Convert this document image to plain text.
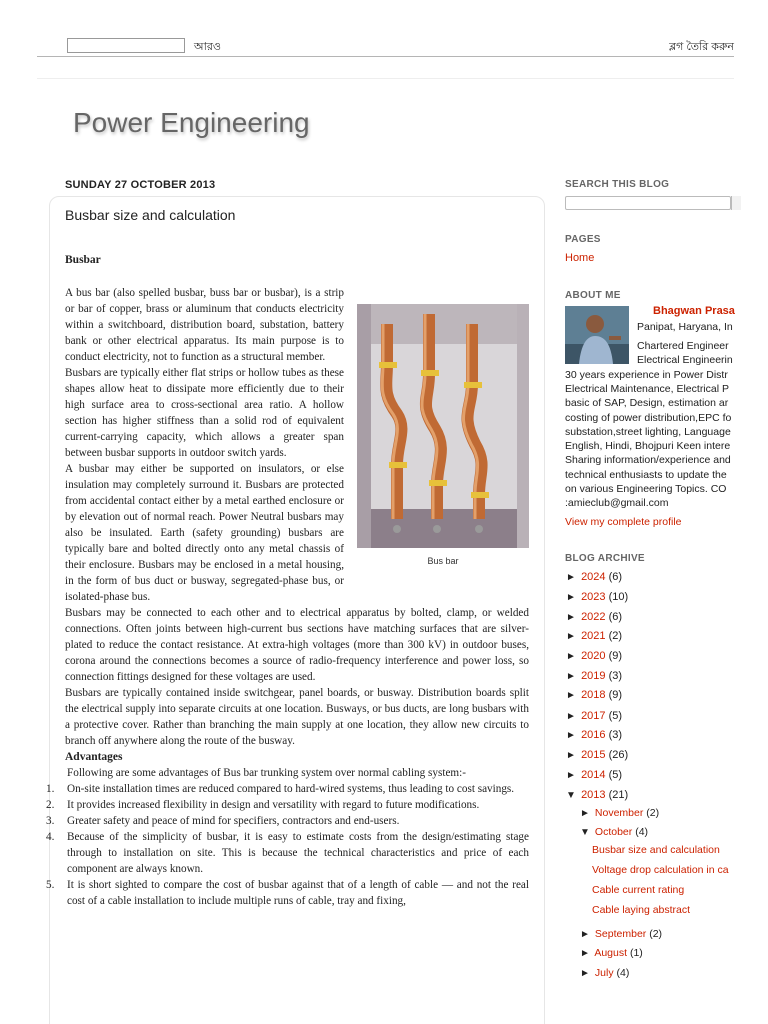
আরও	ব্লগ তৈরি করুন
Power Engineering
SUNDAY 27 OCTOBER 2013
Busbar size and calculation
Busbar
Bus bar

A bus bar (also spelled busbar, buss bar or busbar), is a strip or bar of copper, brass or aluminum that conducts electricity within a switchboard, distribution board, substation, battery bank or other electrical apparatus. Its main purpose is to conduct electricity, not to function as a structural member.

Busbars are typically either flat strips or hollow tubes as these shapes allow heat to dissipate more efficiently due to their high surface area to cross-sectional area ratio. A hollow section has higher stiffness than a solid rod of equivalent current-carrying capacity, which allows a greater span between busbar supports in outdoor switch yards.

A busbar may either be supported on insulators, or else insulation may completely surround it. Busbars are protected from accidental contact either by a metal earthed enclosure or by elevation out of normal reach. Power Neutral busbars may also be insulated. Earth (safety grounding) busbars are typically bare and bolted directly onto any metal chassis of their enclosure. Busbars may be enclosed in a metal housing, in the form of bus duct or busway, segregated-phase bus, or isolated-phase bus.

Busbars may be connected to each other and to electrical apparatus by bolted, clamp, or welded connections. Often joints between high-current bus sections have matching surfaces that are silver-plated to reduce the contact resistance. At extra-high voltages (more than 300 kV) in outdoor buses, corona around the connections becomes a source of radio-frequency interference and power loss, so connection fittings designed for these voltages are used.

Busbars are typically contained inside switchgear, panel boards, or busway. Distribution boards split the electrical supply into separate circuits at one location. Busways, or bus ducts, are long busbars with a protective cover. Rather than branching the main supply at one location, they allow new circuits to branch off anywhere along the route of the busway.

Advantages

Following are some advantages of Bus bar trunking system over normal cabling system:-

1. On-site installation times are reduced compared to hard-wired systems, thus leading to cost savings.
2. It provides increased flexibility in design and versatility with regard to future modifications.
3. Greater safety and peace of mind for specifiers, contractors and end-users.
4. Because of the simplicity of busbar, it is easy to estimate costs from the design/estimating stage through to installation on site. This is because the technical characteristics and price of each component are always known.
5. It is short sighted to compare the cost of busbar against that of a length of cable — and not the real cost of a cable installation to include multiple runs of cable, tray and fixing,
SEARCH THIS BLOG
PAGES
Home
ABOUT ME
Bhagwan Prasa
Panipat, Haryana, In
Chartered Engineer
Electrical Engineerin
30 years experience in Power Distr
Electrical Maintenance, Electrical P
basic of SAP, Design, estimation ar
costing of power distribution,EPC fo
substation,street lighting, Language
English, Hindi, Bhojpuri Keen intere
Sharing information/experience and
technical enthusiasts to update the
on various Engineering Topics. CO
:amieclub@gmail.com
View my complete profile
BLOG ARCHIVE
► 2024 (6)
► 2023 (10)
► 2022 (6)
► 2021 (2)
► 2020 (9)
► 2019 (3)
► 2018 (9)
► 2017 (5)
► 2016 (3)
► 2015 (26)
► 2014 (5)
▼ 2013 (21)
► November (2)
▼ October (4)
Busbar size and calculation
Voltage drop calculation in ca
Cable current rating
Cable laying abstract
► September (2)
► August (1)
► July (4)
